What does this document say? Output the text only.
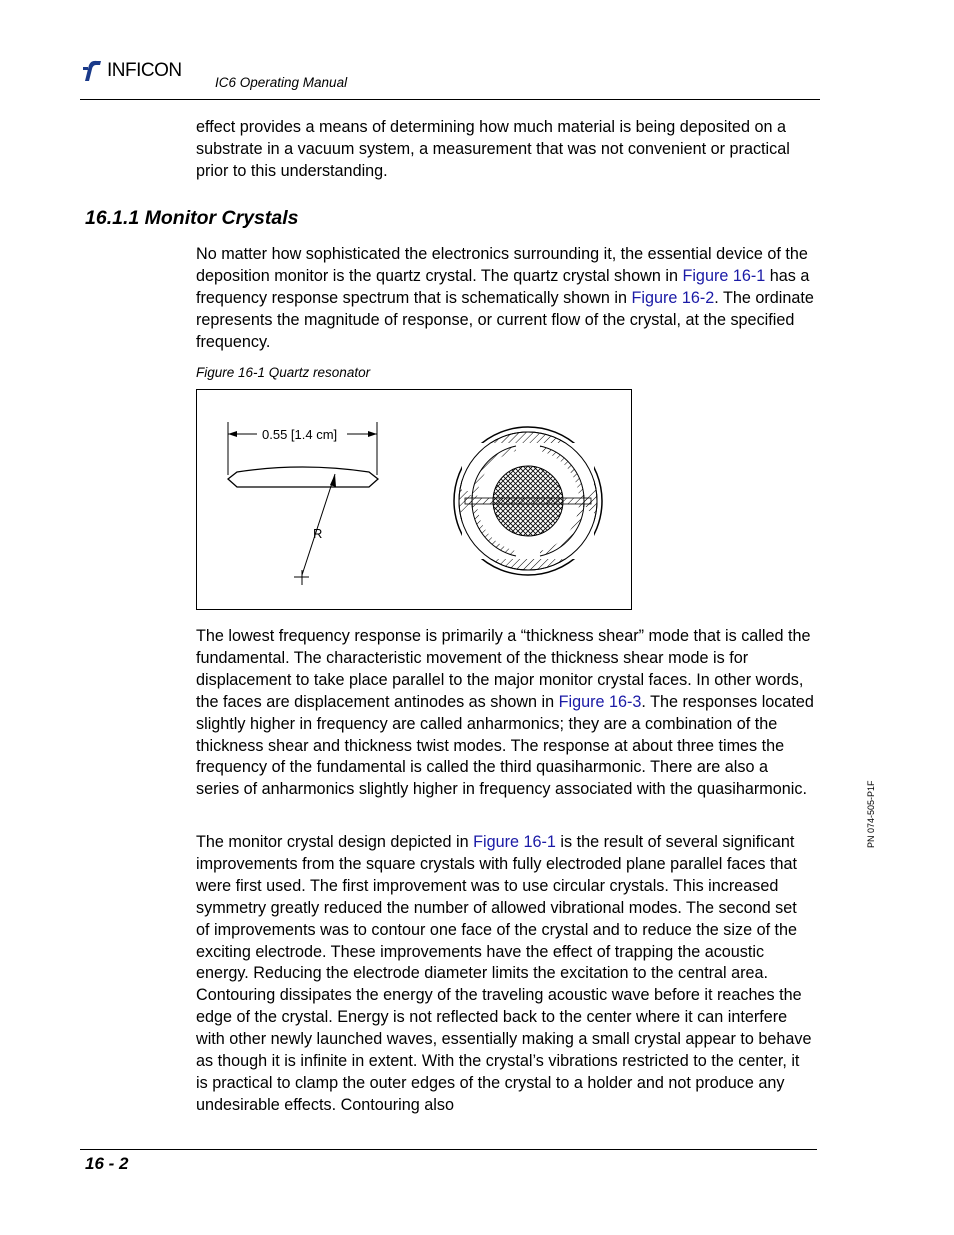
INFICON
IC6 Operating Manual
effect provides a means of determining how much material is being deposited on a substrate in a vacuum system, a measurement that was not convenient or practical prior to this understanding.
16.1.1 Monitor Crystals
No matter how sophisticated the electronics surrounding it, the essential device of the deposition monitor is the quartz crystal. The quartz crystal shown in Figure 16-1 has a frequency response spectrum that is schematically shown in Figure 16-2. The ordinate represents the magnitude of response, or current flow of the crystal, at the specified frequency.
Figure 16-1 Quartz resonator
0.55 [1.4 cm]
R
The lowest frequency response is primarily a “thickness shear” mode that is called the fundamental. The characteristic movement of the thickness shear mode is for displacement to take place parallel to the major monitor crystal faces. In other words, the faces are displacement antinodes as shown in Figure 16-3. The responses located slightly higher in frequency are called anharmonics; they are a combination of the thickness shear and thickness twist modes. The response at about three times the frequency of the fundamental is called the third quasiharmonic. There are also a series of anharmonics slightly higher in frequency associated with the quasiharmonic.
The monitor crystal design depicted in Figure 16-1 is the result of several significant improvements from the square crystals with fully electroded plane parallel faces that were first used. The first improvement was to use circular crystals. This increased symmetry greatly reduced the number of allowed vibrational modes. The second set of improvements was to contour one face of the crystal and to reduce the size of the exciting electrode. These improvements have the effect of trapping the acoustic energy. Reducing the electrode diameter limits the excitation to the central area. Contouring dissipates the energy of the traveling acoustic wave before it reaches the edge of the crystal. Energy is not reflected back to the center where it can interfere with other newly launched waves, essentially making a small crystal appear to behave as though it is infinite in extent. With the crystal’s vibrations restricted to the center, it is practical to clamp the outer edges of the crystal to a holder and not produce any undesirable effects. Contouring also
PN 074-505-P1F
16 - 2
